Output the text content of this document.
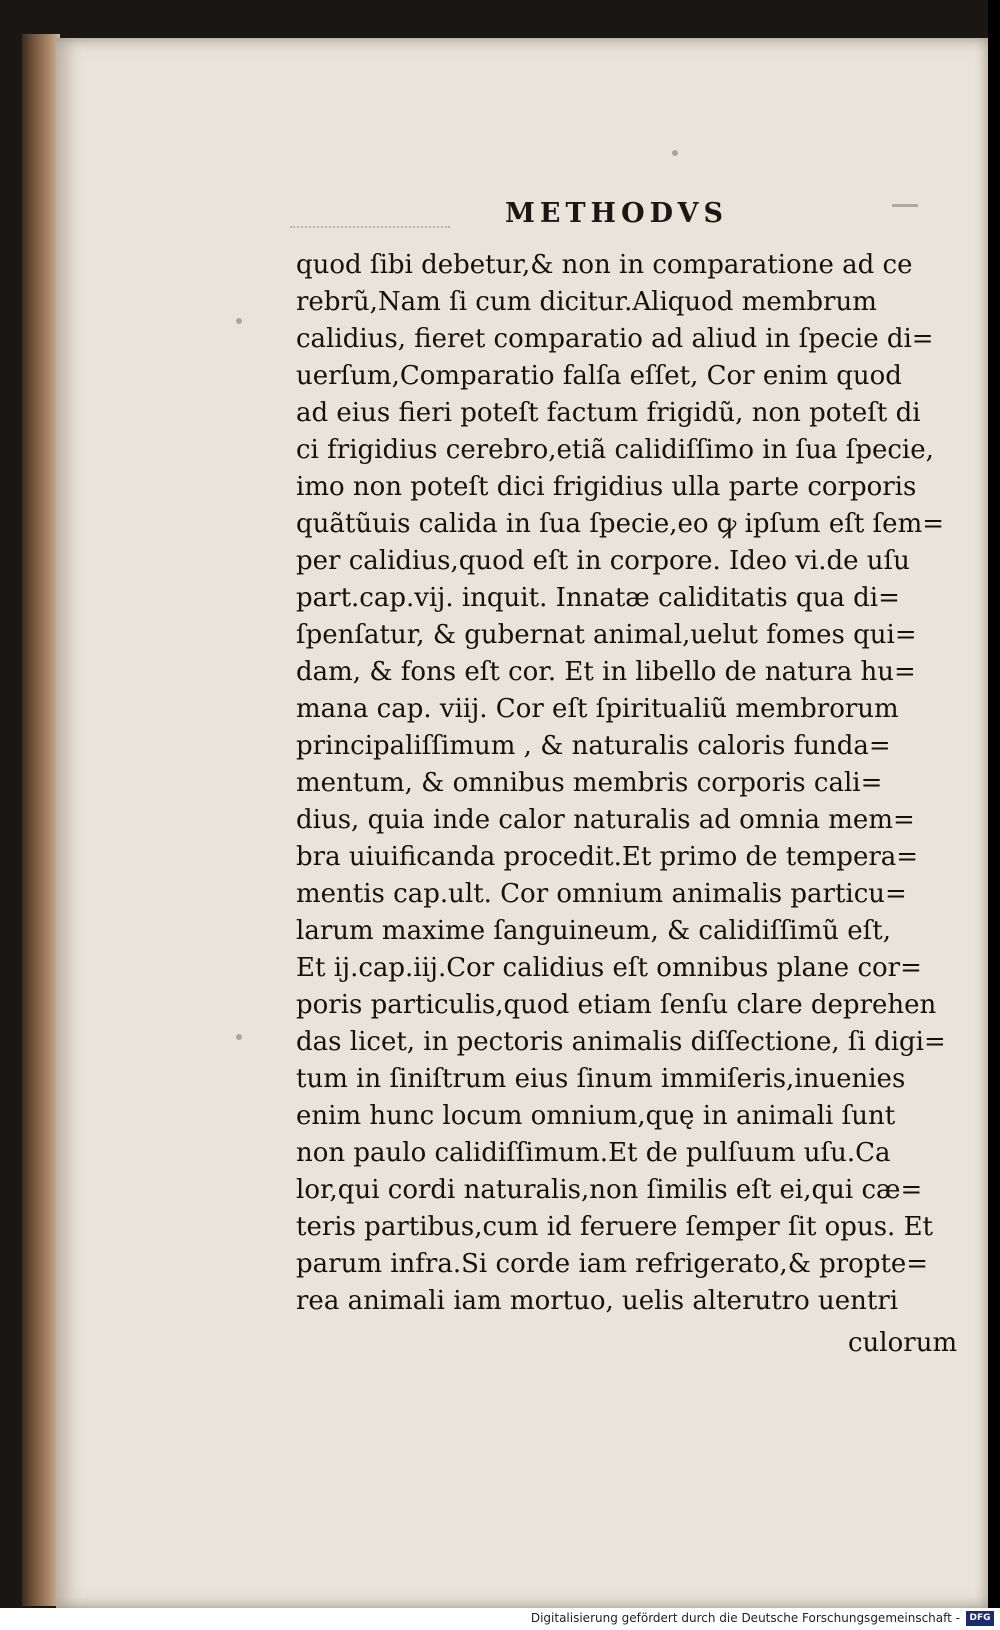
METHODVS
quod ſibi debetur,& non in comparatione ad ce
rebrũ,Nam ſi cum dicitur.Aliquod membrum
calidius, fieret comparatio ad aliud in ſpecie di=
uerſum,Comparatio falſa eſſet, Cor enim quod
ad eius fieri poteſt factum frigidũ, non poteſt di
ci frigidius cerebro,etiã calidiſſimo in ſua ſpecie,
imo non poteſt dici frigidius ulla parte corporis
quãtũuis calida in ſua ſpecie,eo ꝙ ipſum eſt ſem=
per calidius,quod eſt in corpore. Ideo vi.de uſu
part.cap.vij. inquit. Innatæ caliditatis qua di=
ſpenſatur, & gubernat animal,uelut fomes qui=
dam, & fons eſt cor. Et in libello de natura hu=
mana cap. viij. Cor eſt ſpiritualiũ membrorum
principaliſſimum , & naturalis caloris funda=
mentum, & omnibus membris corporis cali=
dius, quia inde calor naturalis ad omnia mem=
bra uiuificanda procedit.Et primo de tempera=
mentis cap.ult. Cor omnium animalis particu=
larum maxime ſanguineum, & calidiſſimũ eſt,
Et ij.cap.iij.Cor calidius eſt omnibus plane cor=
poris particulis,quod etiam ſenſu clare deprehen
das licet, in pectoris animalis diſſectione, ſi digi=
tum in ſiniſtrum eius ſinum immiſeris,inuenies
enim hunc locum omnium,quę in animali ſunt
non paulo calidiſſimum.Et de pulſuum uſu.Ca
lor,qui cordi naturalis,non ſimilis eſt ei,qui cæ=
teris partibus,cum id feruere ſemper ſit opus. Et
parum infra.Si corde iam refrigerato,& propte=
rea animali iam mortuo, uelis alterutro uentri
culorum
Digitalisierung gefördert durch die Deutsche Forschungsgemeinschaft -	DFG
